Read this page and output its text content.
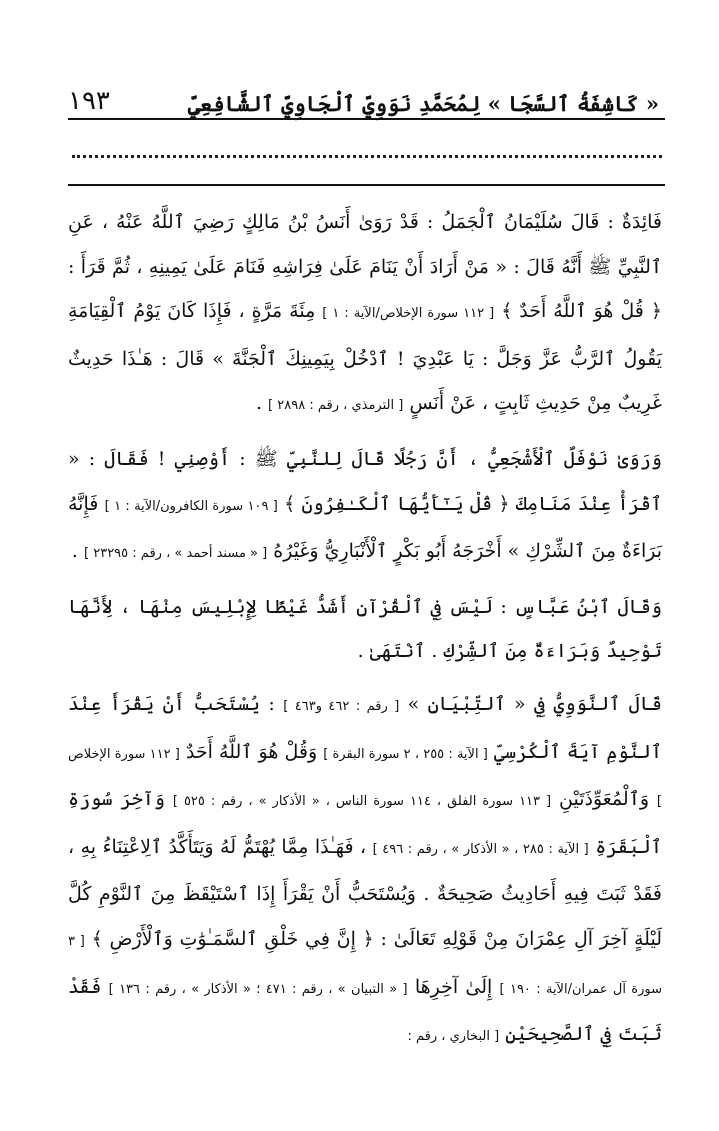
١٩٣	« كَاشِفَةُ ٱلسَّجَا » لِمُحَمَّدِ نَوَوِيِّ ٱلْجَاوِيِّ ٱلشَّافِعِيِّ

فَائِدَةٌ : قَالَ سُلَيْمَانُ ٱلْجَمَلُ : قَدْ رَوَىٰ أَنَسُ بْنُ مَالِكٍ رَضِيَ ٱللَّهُ عَنْهُ ، عَنِ ٱلنَّبِيِّ ﷺ أَنَّهُ قَالَ : « مَنْ أَرَادَ أَنْ يَنَامَ عَلَىٰ فِرَاشِهِ فَنَامَ عَلَىٰ يَمِينِهِ ، ثُمَّ قَرَأَ : ﴿ قُلْ هُوَ ٱللَّهُ أَحَدٌ ﴾ [ ١١٢ سورة الإخلاص/الآية : ١ ] مِئَةَ مَرَّةٍ ، فَإِذَا كَانَ يَوْمُ ٱلْقِيَامَةِ يَقُولُ ٱلرَّبُّ عَزَّ وَجَلَّ : يَا عَبْدِيَ ! ٱدْخُلْ بِيَمِينِكَ ٱلْجَنَّةَ » قَالَ : هَـٰذَا حَدِيثٌ غَرِيبٌ مِنْ حَدِيثِ ثَابِتٍ ، عَنْ أَنَسٍ [ الترمذي ، رقم : ٢٨٩٨ ] .

وَرَوَىٰ نَوْفَلٌ ٱلْأَشْجَعِيُّ ، أَنَّ رَجُلًا قَالَ لِلنَّبِيِّ ﷺ : أَوْصِنِي ! فَقَالَ : « ٱقْرَأْ عِنْدَ مَنَامِكَ ﴿ قُلْ يَـٰٓأَيُّهَا ٱلْكَـٰفِرُونَ ﴾ [ ١٠٩ سورة الكافرون/الآية : ١ ] فَإِنَّهُ بَرَاءَةٌ مِنَ ٱلشِّرْكِ » أَخْرَجَهُ أَبُو بَكْرٍ ٱلْأَنْبَارِيُّ وَغَيْرُهُ [ « مسند أحمد » ، رقم : ٢٣٢٩٥ ] .

وَقَالَ ٱبْنُ عَبَّاسٍ : لَيْسَ فِي ٱلْقُرْآنِ أَشَدُّ غَيْظًا لِإِبْلِيسَ مِنْهَا ، لِأَنَّهَا تَوْحِيدٌ وَبَرَاءَةٌ مِنَ ٱلشِّرْكِ . ٱنْتَهَىٰ .

قَالَ ٱلنَّوَوِيُّ فِي « ٱلتِّبْيَانِ » [ رقم : ٤٦٢ و٤٦٣ ] : يُسْتَحَبُّ أَنْ يَقْرَأَ عِنْدَ ٱلنَّوْمِ آيَةَ ٱلْكُرْسِيِّ [ الآية : ٢٥٥ ، ٢ سورة البقرة ] وَقُلْ هُوَ ٱللَّهُ أَحَدٌ [ ١١٢ سورة الإخلاص ] وَٱلْمُعَوِّذَتَيْنِ [ ١١٣ سورة الفلق ، ١١٤ سورة الناس ، « الأذكار » ، رقم : ٥٢٥ ] وَآخِرَ سُورَةِ ٱلْبَقَرَةِ [ الآية : ٢٨٥ ، « الأذكار » ، رقم : ٤٩٦ ] ، فَهَـٰذَا مِمَّا يُهْتَمُّ لَهُ وَيَتَأَكَّدُ ٱلِاعْتِنَاءُ بِهِ ، فَقَدْ ثَبَتَ فِيهِ أَحَادِيثُ صَحِيحَةٌ . وَيُسْتَحَبُّ أَنْ يَقْرَأَ إِذَا ٱسْتَيْقَظَ مِنَ ٱلنَّوْمِ كُلَّ لَيْلَةٍ آخِرَ آلِ عِمْرَانَ مِنْ قَوْلِهِ تَعَالَىٰ : ﴿ إِنَّ فِي خَلْقِ ٱلسَّمَـٰوَٰتِ وَٱلْأَرْضِ ﴾ [ ٣ سورة آل عمران/الآية : ١٩٠ ] إِلَىٰ آخِرِهَا [ « التبيان » ، رقم : ٤٧١ ؛ « الأذكار » ، رقم : ١٣٦ ] فَقَدْ ثَبَتَ فِي ٱلصَّحِيحَيْنِ [ البخاري ، رقم :
